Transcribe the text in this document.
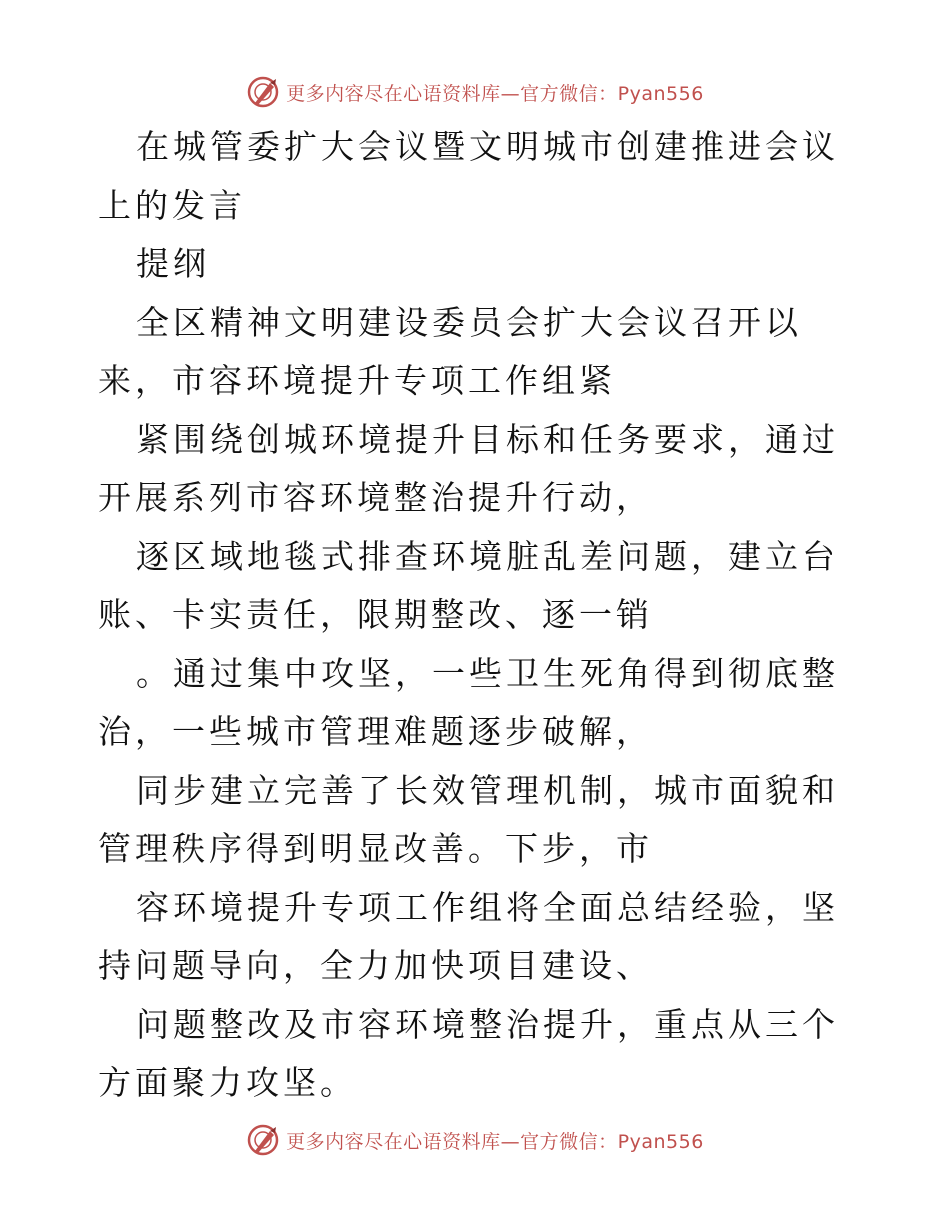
更多内容尽在心语资料库—官方微信：Pyan556

在城管委扩大会议暨文明城市创建推进会议上的发言

提纲

全区精神文明建设委员会扩大会议召开以来，市容环境提升专项工作组紧

紧围绕创城环境提升目标和任务要求，通过开展系列市容环境整治提升行动，

逐区域地毯式排查环境脏乱差问题，建立台账、卡实责任，限期整改、逐一销

。通过集中攻坚，一些卫生死角得到彻底整治，一些城市管理难题逐步破解，

同步建立完善了长效管理机制，城市面貌和管理秩序得到明显改善。下步，市

容环境提升专项工作组将全面总结经验，坚持问题导向，全力加快项目建设、

问题整改及市容环境整治提升，重点从三个方面聚力攻坚。

更多内容尽在心语资料库—官方微信：Pyan556
